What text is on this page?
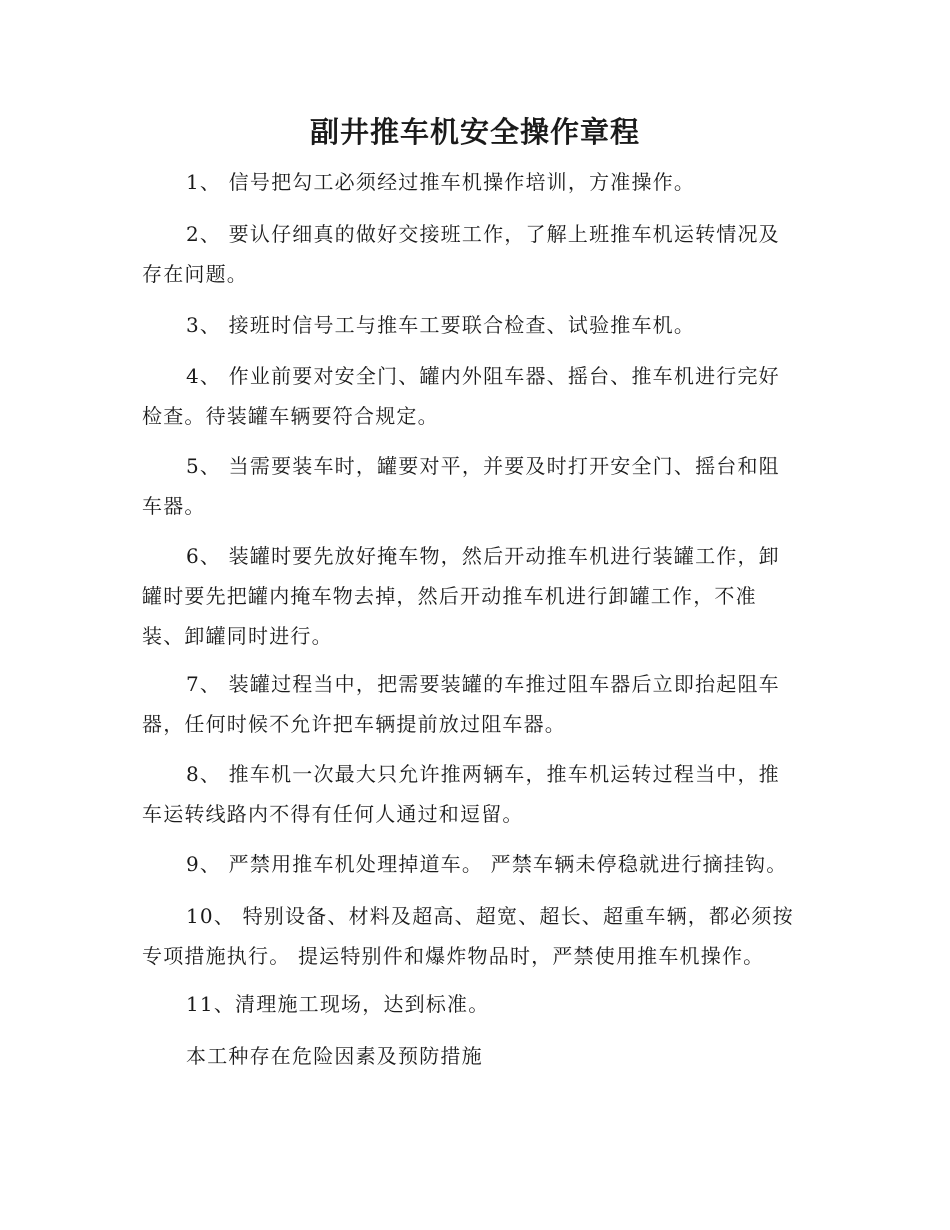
副井推车机安全操作章程
1、 信号把勾工必须经过推车机操作培训，方准操作。
2、 要认仔细真的做好交接班工作，了解上班推车机运转情况及
存在问题。
3、 接班时信号工与推车工要联合检查、试验推车机。
4、 作业前要对安全门、罐内外阻车器、摇台、推车机进行完好
检查。待装罐车辆要符合规定。
5、 当需要装车时，罐要对平，并要及时打开安全门、摇台和阻
车器。
6、 装罐时要先放好掩车物，然后开动推车机进行装罐工作，卸
罐时要先把罐内掩车物去掉，然后开动推车机进行卸罐工作，不准
装、卸罐同时进行。
7、 装罐过程当中，把需要装罐的车推过阻车器后立即抬起阻车
器，任何时候不允许把车辆提前放过阻车器。
8、 推车机一次最大只允许推两辆车，推车机运转过程当中，推
车运转线路内不得有任何人通过和逗留。
9、 严禁用推车机处理掉道车。 严禁车辆未停稳就进行摘挂钩。
10、 特别设备、材料及超高、超宽、超长、超重车辆，都必须按
专项措施执行。 提运特别件和爆炸物品时，严禁使用推车机操作。
11、清理施工现场，达到标准。
本工种存在危险因素及预防措施
